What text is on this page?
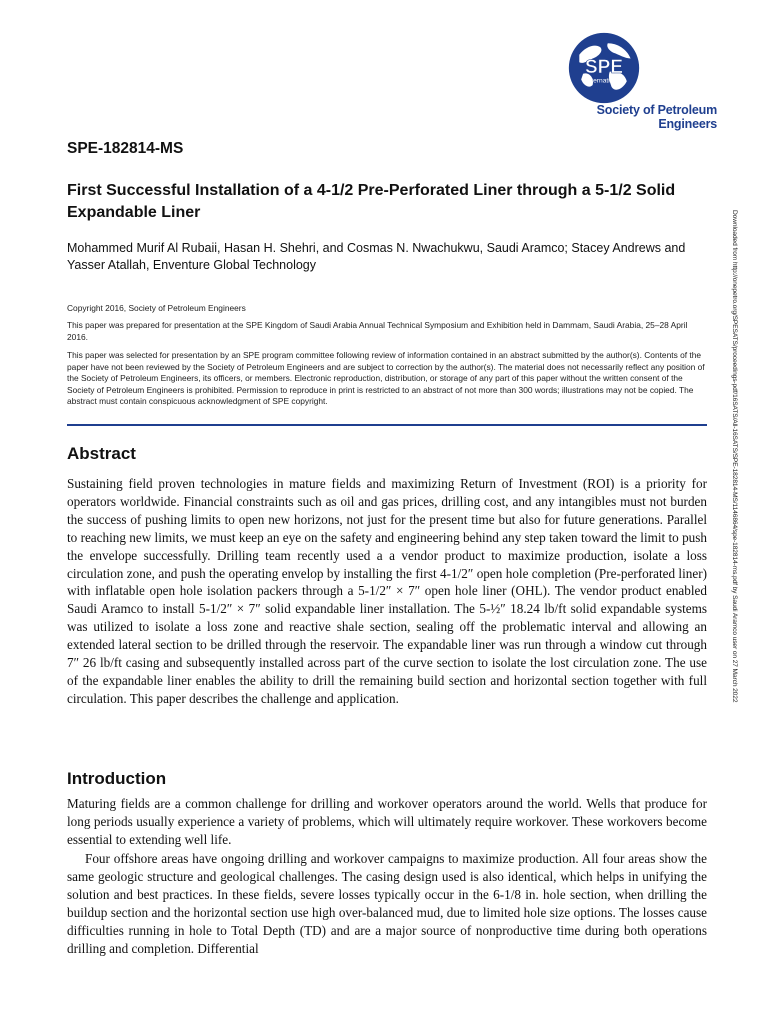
SPE
International
Society of Petroleum Engineers
SPE-182814-MS
First Successful Installation of a 4-1/2 Pre-Perforated Liner through a 5-1/2 Solid Expandable Liner
Mohammed Murif Al Rubaii, Hasan H. Shehri, and Cosmas N. Nwachukwu, Saudi Aramco; Stacey Andrews and Yasser Atallah, Enventure Global Technology
Copyright 2016, Society of Petroleum Engineers
This paper was prepared for presentation at the SPE Kingdom of Saudi Arabia Annual Technical Symposium and Exhibition held in Dammam, Saudi Arabia, 25–28 April 2016.
This paper was selected for presentation by an SPE program committee following review of information contained in an abstract submitted by the author(s). Contents of the paper have not been reviewed by the Society of Petroleum Engineers and are subject to correction by the author(s). The material does not necessarily reflect any position of the Society of Petroleum Engineers, its officers, or members. Electronic reproduction, distribution, or storage of any part of this paper without the written consent of the Society of Petroleum Engineers is prohibited. Permission to reproduce in print is restricted to an abstract of not more than 300 words; illustrations may not be copied. The abstract must contain conspicuous acknowledgment of SPE copyright.
Abstract
Sustaining field proven technologies in mature fields and maximizing Return of Investment (ROI) is a priority for operators worldwide. Financial constraints such as oil and gas prices, drilling cost, and any intangibles must not burden the success of pushing limits to open new horizons, not just for the present time but also for future generations. Parallel to reaching new limits, we must keep an eye on the safety and engineering behind any step taken toward the limit to push the envelope successfully. Drilling team recently used a a vendor product to maximize production, isolate a loss circulation zone, and push the operating envelop by installing the first 4-1/2″ open hole completion (Pre-perforated liner) with inflatable open hole isolation packers through a 5-1/2″ × 7″ open hole liner (OHL). The vendor product enabled Saudi Aramco to install 5-1/2″ × 7″ solid expandable liner installation. The 5-½″ 18.24 lb/ft solid expandable systems was utilized to isolate a loss zone and reactive shale section, sealing off the problematic interval and allowing an extended lateral section to be drilled through the reservoir. The expandable liner was run through a window cut through 7″ 26 lb/ft casing and subsequently installed across part of the curve section to isolate the lost circulation zone. The use of the expandable liner enables the ability to drill the remaining build section and horizontal section together with full circulation. This paper describes the challenge and application.
Introduction
Maturing fields are a common challenge for drilling and workover operators around the world. Wells that produce for long periods usually experience a variety of problems, which will ultimately require workover. These workovers become essential to extending well life.
Four offshore areas have ongoing drilling and workover campaigns to maximize production. All four areas show the same geologic structure and geological challenges. The casing design used is also identical, which helps in unifying the solution and best practices. In these fields, severe losses typically occur in the 6-1/8 in. hole section, when drilling the buildup section and the horizontal section use high over-balanced mud, due to limited hole size options. The losses cause difficulties running in hole to Total Depth (TD) and are a major source of nonproductive time during both operations drilling and completion. Differential
Downloaded from http://onepetro.org/SPESATS/proceedings-pdf/16SATS/All-16SATS/SPE-182814-MS/1146864/spe-182814-ms.pdf by Saudi Aramco user on 27 March 2022
